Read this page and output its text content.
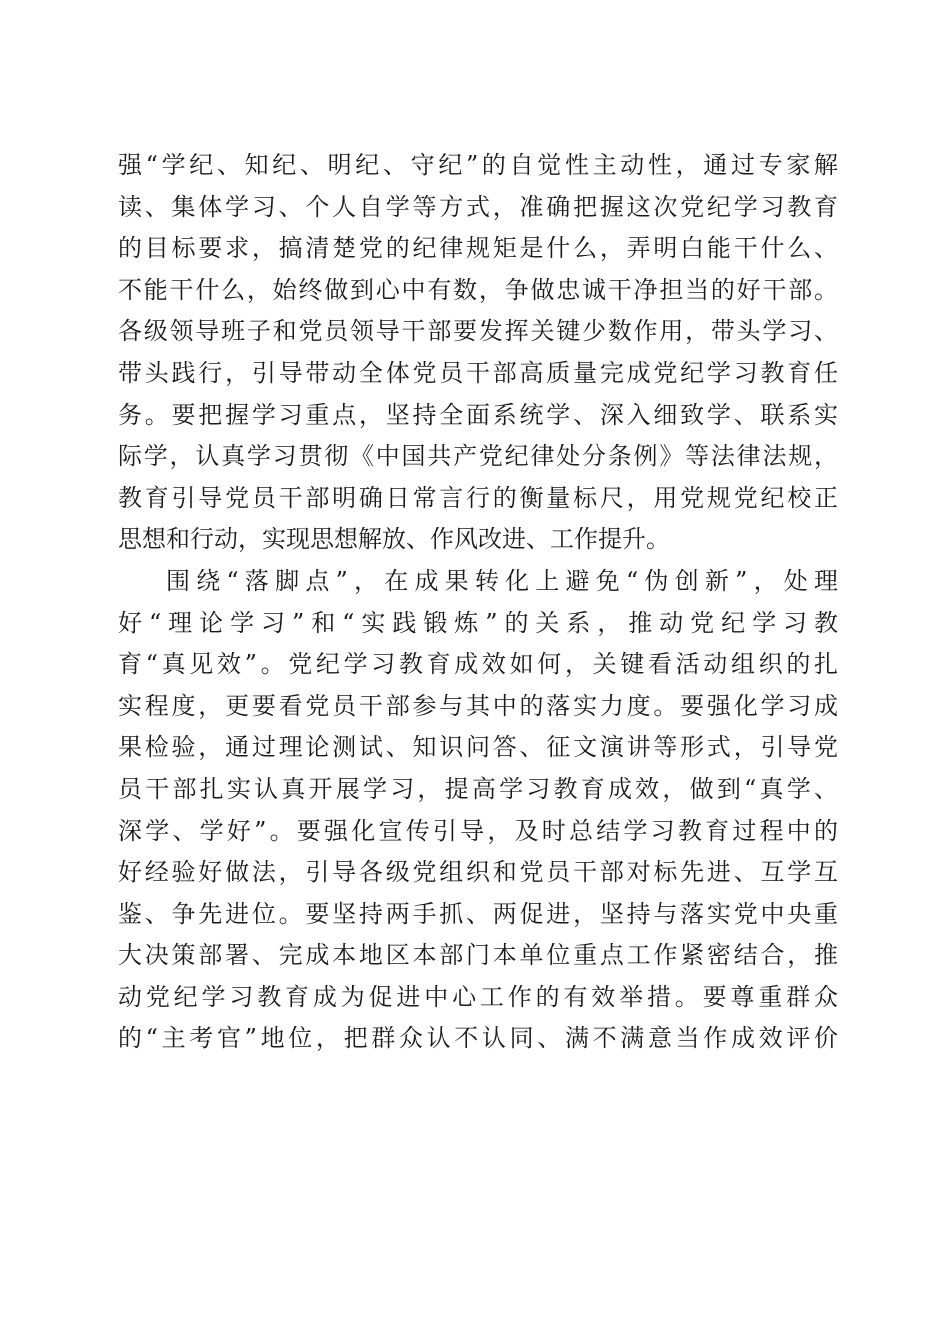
强“学纪、知纪、明纪、守纪”的自觉性主动性，通过专家解
读、集体学习、个人自学等方式，准确把握这次党纪学习教育
的目标要求，搞清楚党的纪律规矩是什么，弄明白能干什么、
不能干什么，始终做到心中有数，争做忠诚干净担当的好干部。
各级领导班子和党员领导干部要发挥关键少数作用，带头学习、
带头践行，引导带动全体党员干部高质量完成党纪学习教育任
务。要把握学习重点，坚持全面系统学、深入细致学、联系实
际学，认真学习贯彻《中国共产党纪律处分条例》等法律法规，
教育引导党员干部明确日常言行的衡量标尺，用党规党纪校正
思想和行动，实现思想解放、作风改进、工作提升。
围绕“落脚点”，在成果转化上避免“伪创新”，处理
好“理论学习”和“实践锻炼”的关系，推动党纪学习教
育“真见效”。党纪学习教育成效如何，关键看活动组织的扎
实程度，更要看党员干部参与其中的落实力度。要强化学习成
果检验，通过理论测试、知识问答、征文演讲等形式，引导党
员干部扎实认真开展学习，提高学习教育成效，做到“真学、
深学、学好”。要强化宣传引导，及时总结学习教育过程中的
好经验好做法，引导各级党组织和党员干部对标先进、互学互
鉴、争先进位。要坚持两手抓、两促进，坚持与落实党中央重
大决策部署、完成本地区本部门本单位重点工作紧密结合，推
动党纪学习教育成为促进中心工作的有效举措。要尊重群众
的“主考官”地位，把群众认不认同、满不满意当作成效评价
